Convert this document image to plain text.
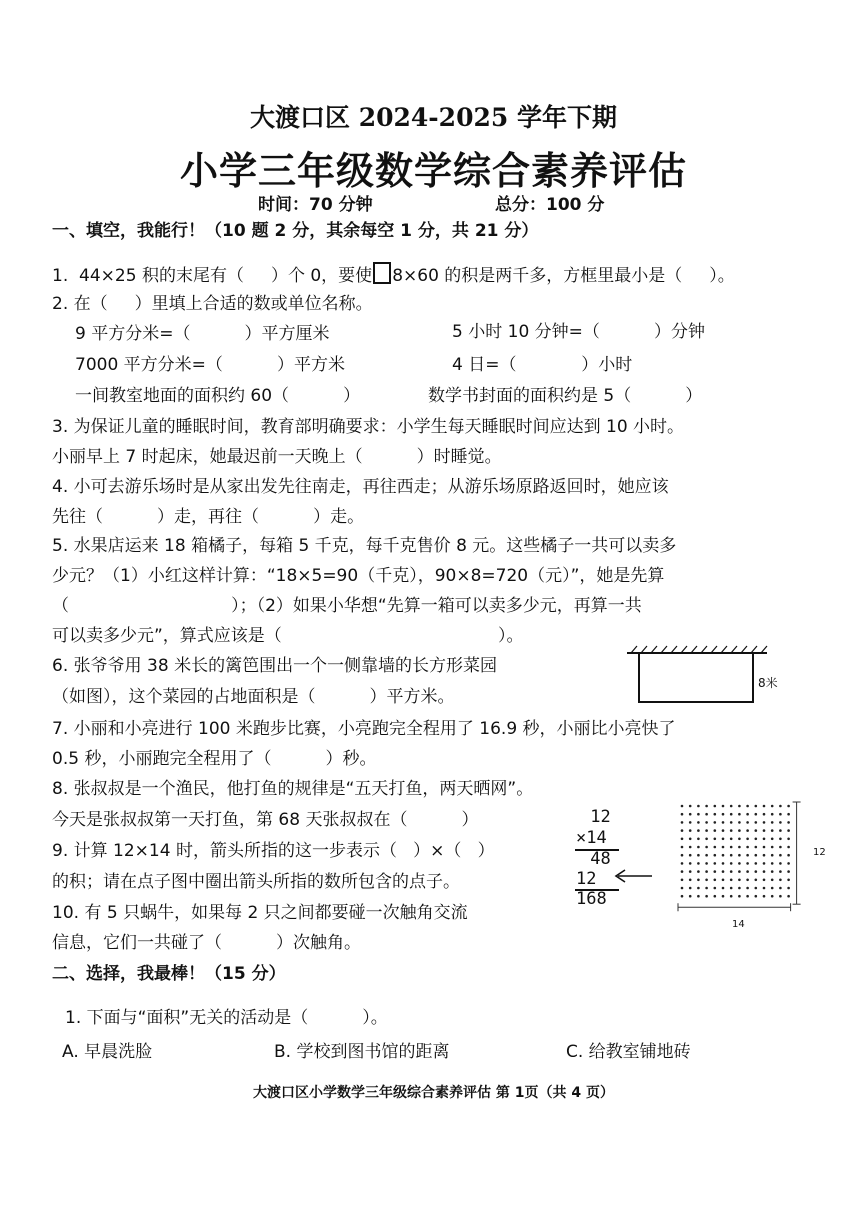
大渡口区 2024-2025 学年下期
小学三年级数学综合素养评估
时间：70 分钟	总分：100 分
一、填空，我能行！（10 题 2 分，其余每空 1 分，共 21 分）
1.  44×25 积的末尾有（     ）个 0，要使 8×60 的积是两千多，方框里最小是（     ）。
2. 在（     ）里填上合适的数或单位名称。
9 平方分米=（          ）平方厘米	5 小时 10 分钟=（          ）分钟
7000 平方分米=（          ）平方米	4 日=（            ）小时
一间教室地面的面积约 60（          ）	数学书封面的面积约是 5（          ）
3. 为保证儿童的睡眠时间，教育部明确要求：小学生每天睡眠时间应达到 10 小时。
小丽早上 7 时起床，她最迟前一天晚上（          ）时睡觉。
4. 小可去游乐场时是从家出发先往南走，再往西走；从游乐场原路返回时，她应该
先往（          ）走，再往（          ）走。
5. 水果店运来 18 箱橘子，每箱 5 千克，每千克售价 8 元。这些橘子一共可以卖多
少元？（1）小红这样计算：“18×5=90（千克），90×8=720（元）”，她是先算
（                              ）；（2）如果小华想“先算一箱可以卖多少元，再算一共
可以卖多少元”，算式应该是（                                        ）。
6. 张爷爷用 38 米长的篱笆围出一个一侧靠墙的长方形菜园
（如图），这个菜园的占地面积是（          ）平方米。
8米
7. 小丽和小亮进行 100 米跑步比赛，小亮跑完全程用了 16.9 秒，小丽比小亮快了
0.5 秒，小丽跑完全程用了（          ）秒。
8. 张叔叔是一个渔民，他打鱼的规律是“五天打鱼，两天晒网”。
今天是张叔叔第一天打鱼，第 68 天张叔叔在（          ）
9. 计算 12×14 时，箭头所指的这一步表示（   ）×（   ）
的积；请在点子图中圈出箭头所指的数所包含的点子。
10. 有 5 只蜗牛，如果每 2 只之间都要碰一次触角交流
信息，它们一共碰了（          ）次触角。
12
×14
48
12
168
12
14
二、选择，我最棒！（15 分）
1. 下面与“面积”无关的活动是（          ）。
A. 早晨洗脸	B. 学校到图书馆的距离	C. 给教室铺地砖
大渡口区小学数学三年级综合素养评估 第 1页（共 4 页）
